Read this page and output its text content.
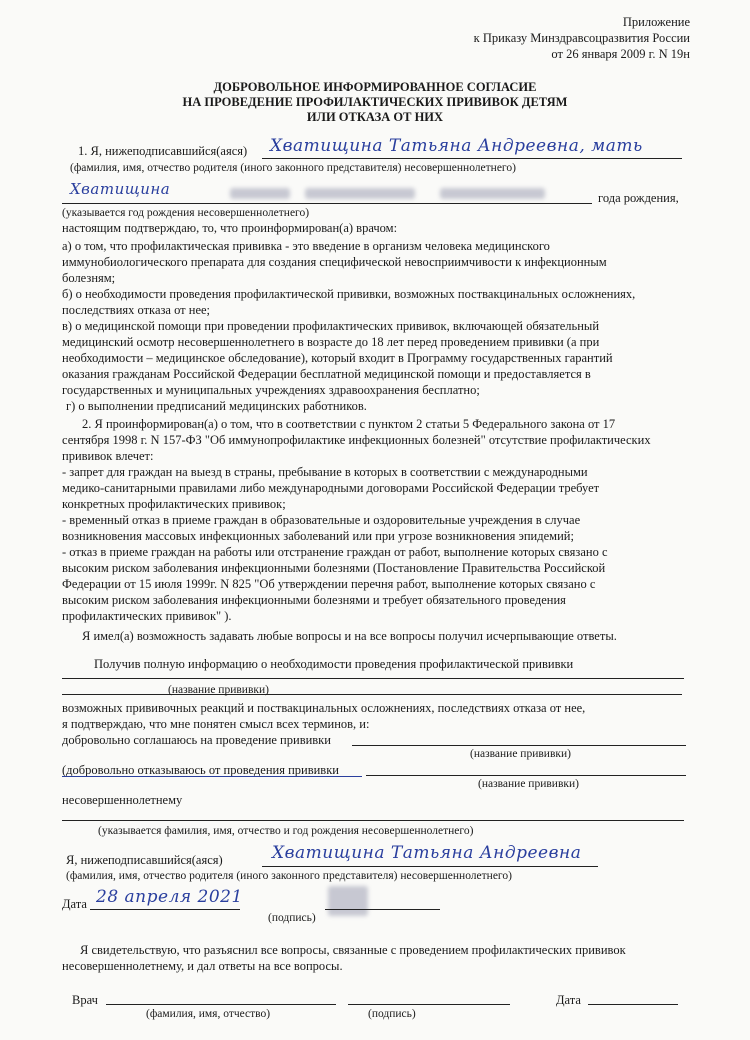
Приложение
к Приказу Минздравсоцразвития России
от 26 января 2009 г. N 19н
ДОБРОВОЛЬНОЕ ИНФОРМИРОВАННОЕ СОГЛАСИЕ
НА ПРОВЕДЕНИЕ ПРОФИЛАКТИЧЕСКИХ ПРИВИВОК ДЕТЯМ
ИЛИ ОТКАЗА ОТ НИХ
1. Я, нижеподписавшийся(аяся) Хватищина Татьяна Андреевна, мать
(фамилия, имя, отчество родителя (иного законного представителя) несовершеннолетнего)
Хватищина	года рождения,
(указывается год рождения несовершеннолетнего)
настоящим подтверждаю, то, что проинформирован(а) врачом:
а) о том, что профилактическая прививка - это введение в организм человека медицинского
иммунобиологического препарата для создания специфической невосприимчивости к инфекционным
болезням;
б) о необходимости проведения профилактической прививки, возможных поствакцинальных осложнениях,
последствиях отказа от нее;
в) о медицинской помощи при проведении профилактических прививок, включающей обязательный
медицинский осмотр несовершеннолетнего в возрасте до 18 лет перед проведением прививки (а при
необходимости – медицинское обследование), который входит в Программу государственных гарантий
оказания гражданам Российской Федерации бесплатной медицинской помощи и предоставляется в
государственных и муниципальных учреждениях здравоохранения бесплатно;
г) о выполнении предписаний медицинских работников.
2. Я проинформирован(а) о том, что в соответствии с пунктом 2 статьи 5 Федерального закона от 17
сентября 1998 г. N 157-ФЗ "Об иммунопрофилактике инфекционных болезней" отсутствие профилактических
прививок влечет:
- запрет для граждан на выезд в страны, пребывание в которых в соответствии с международными
медико-санитарными правилами либо международными договорами Российской Федерации требует
конкретных профилактических прививок;
- временный отказ в приеме граждан в образовательные и оздоровительные учреждения в случае
возникновения массовых инфекционных заболеваний или при угрозе возникновения эпидемий;
- отказ в приеме граждан на работы или отстранение граждан от работ, выполнение которых связано с
высоким риском заболевания инфекционными болезнями (Постановление Правительства Российской
Федерации от 15 июля 1999г. N 825 "Об утверждении перечня работ, выполнение которых связано с
высоким риском заболевания инфекционными болезнями и требует обязательного проведения
профилактических прививок" ).
Я имел(а) возможность задавать любые вопросы и на все вопросы получил исчерпывающие ответы.
Получив полную информацию о необходимости проведения профилактической прививки
(название прививки)
возможных прививочных реакций и поствакцинальных осложнениях, последствиях отказа от нее,
я подтверждаю, что мне понятен смысл всех терминов, и:
добровольно соглашаюсь на проведение прививки
(название прививки)
(добровольно отказываюсь от проведения прививки
(название прививки)
несовершеннолетнему
(указывается фамилия, имя, отчество и год рождения несовершеннолетнего)
Я, нижеподписавшийся(аяся)	Хватищина Татьяна Андреевна
(фамилия, имя, отчество родителя (иного законного представителя) несовершеннолетнего)
Дата 28 апреля 2021
(подпись)
Я свидетельствую, что разъяснил все вопросы, связанные с проведением профилактических прививок
несовершеннолетнему, и дал ответы на все вопросы.
Врач	Дата
(фамилия, имя, отчество)	(подпись)
